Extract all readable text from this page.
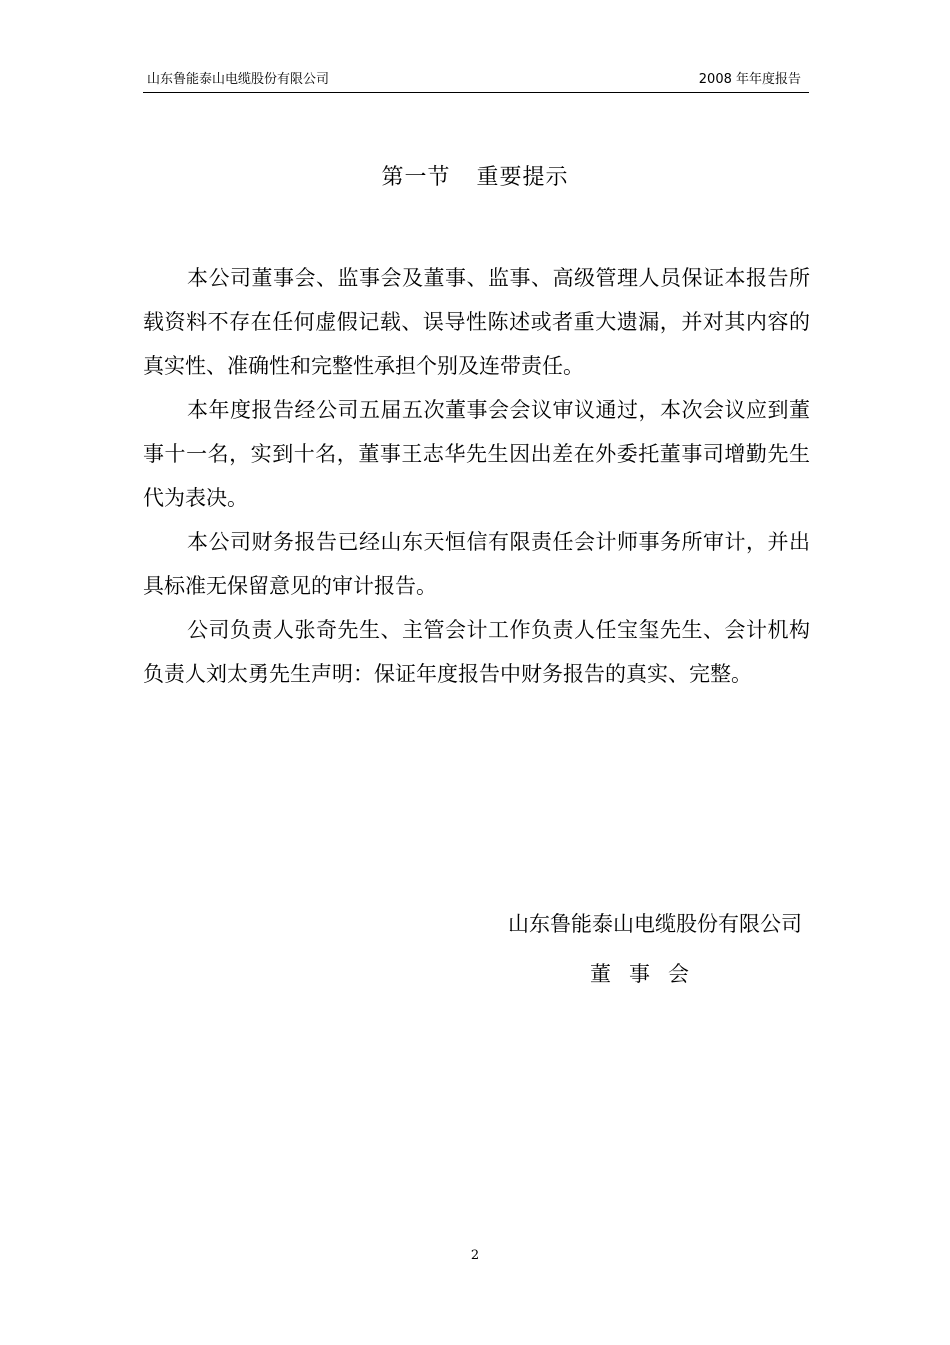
山东鲁能泰山电缆股份有限公司	2008 年年度报告
第一节 重要提示

本公司董事会、监事会及董事、监事、高级管理人员保证本报告所载资料不存在任何虚假记载、误导性陈述或者重大遗漏，并对其内容的真实性、准确性和完整性承担个别及连带责任。

本年度报告经公司五届五次董事会会议审议通过，本次会议应到董事十一名，实到十名，董事王志华先生因出差在外委托董事司增勤先生代为表决。

本公司财务报告已经山东天恒信有限责任会计师事务所审计，并出具标准无保留意见的审计报告。

公司负责人张奇先生、主管会计工作负责人任宝玺先生、会计机构负责人刘太勇先生声明：保证年度报告中财务报告的真实、完整。

山东鲁能泰山电缆股份有限公司
董事会
2
